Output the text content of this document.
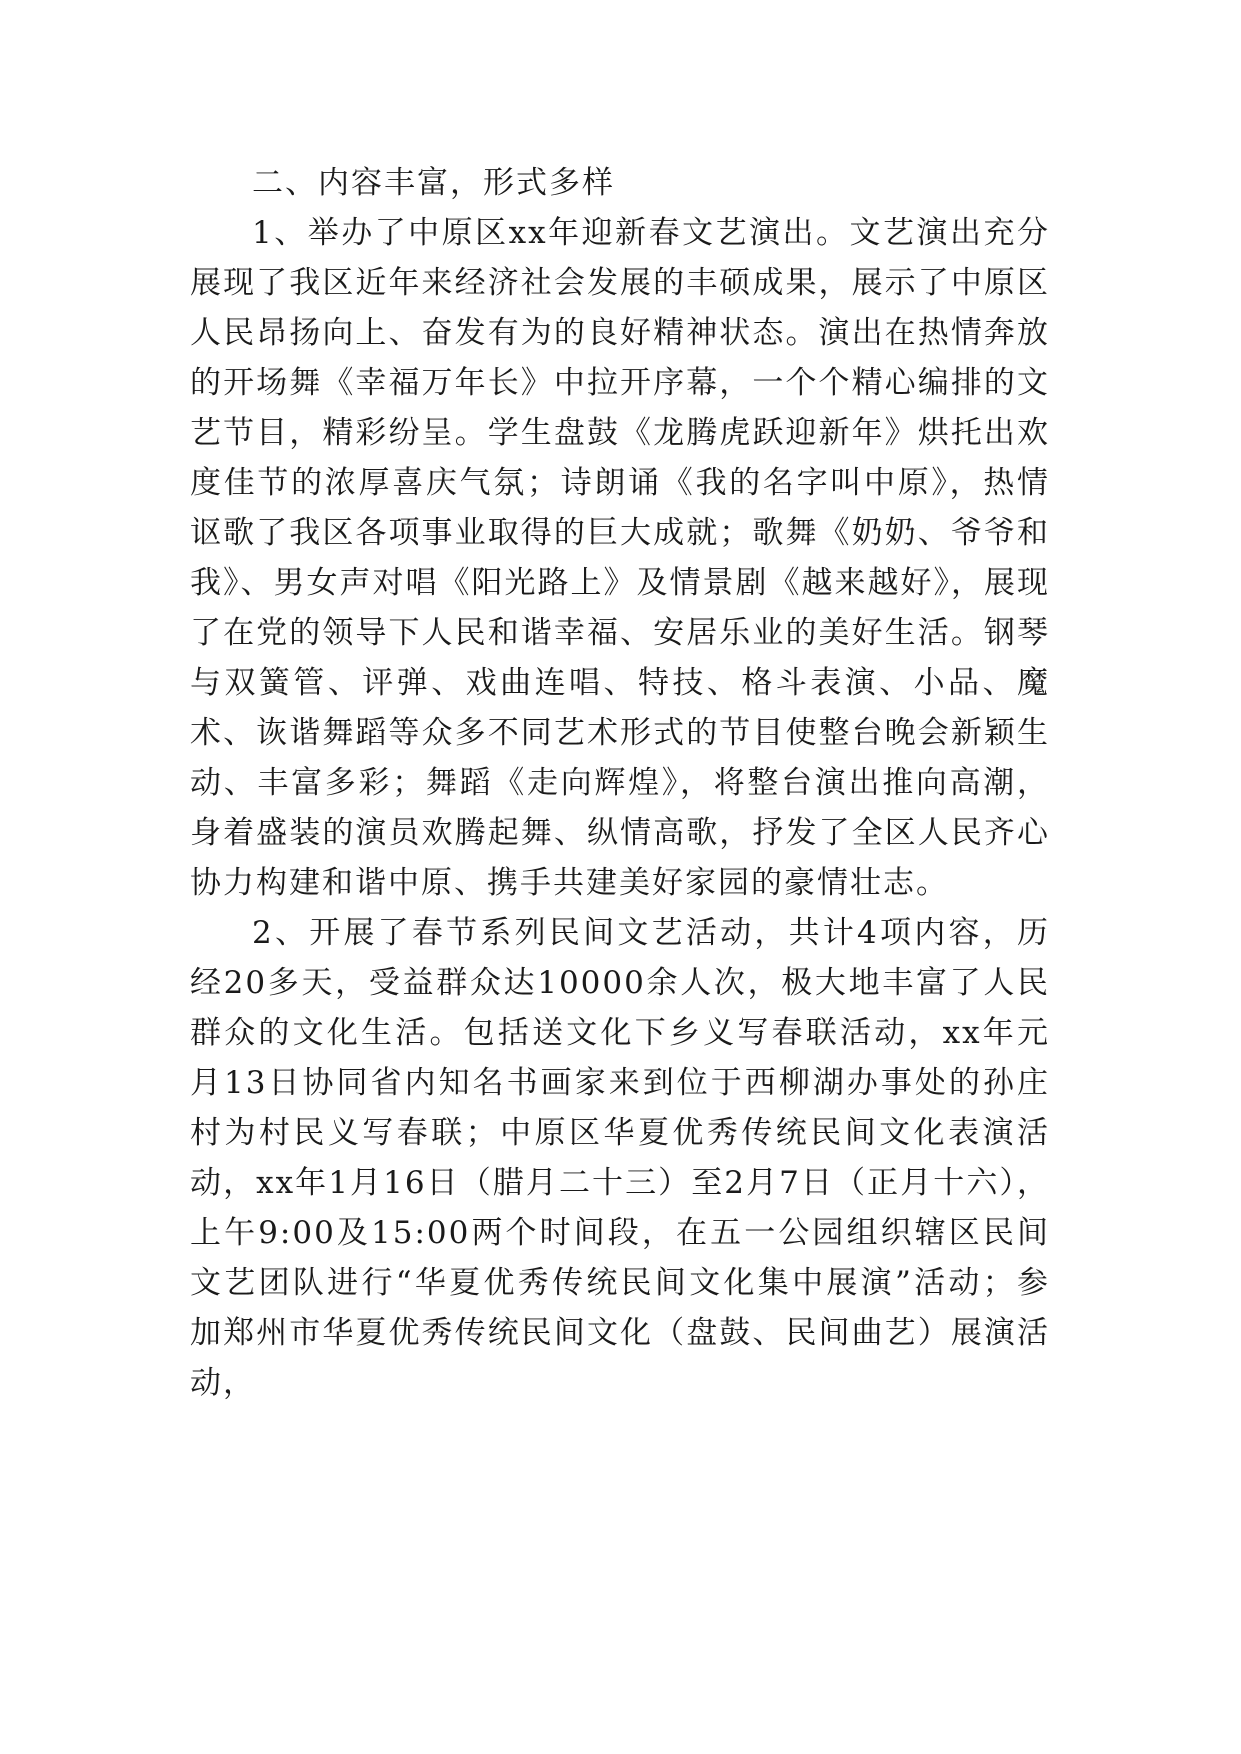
二、内容丰富，形式多样

1、举办了中原区xx年迎新春文艺演出。文艺演出充分展现了我区近年来经济社会发展的丰硕成果，展示了中原区人民昂扬向上、奋发有为的良好精神状态。演出在热情奔放的开场舞《幸福万年长》中拉开序幕，一个个精心编排的文艺节目，精彩纷呈。学生盘鼓《龙腾虎跃迎新年》烘托出欢度佳节的浓厚喜庆气氛；诗朗诵《我的名字叫中原》，热情讴歌了我区各项事业取得的巨大成就；歌舞《奶奶、爷爷和我》、男女声对唱《阳光路上》及情景剧《越来越好》，展现了在党的领导下人民和谐幸福、安居乐业的美好生活。钢琴与双簧管、评弹、戏曲连唱、特技、格斗表演、小品、魔术、诙谐舞蹈等众多不同艺术形式的节目使整台晚会新颖生动、丰富多彩；舞蹈《走向辉煌》，将整台演出推向高潮，身着盛装的演员欢腾起舞、纵情高歌，抒发了全区人民齐心协力构建和谐中原、携手共建美好家园的豪情壮志。

2、开展了春节系列民间文艺活动，共计4项内容，历经20多天，受益群众达10000余人次，极大地丰富了人民群众的文化生活。包括送文化下乡义写春联活动，xx年元月13日协同省内知名书画家来到位于西柳湖办事处的孙庄村为村民义写春联；中原区华夏优秀传统民间文化表演活动，xx年1月16日（腊月二十三）至2月7日（正月十六），上午9:00及15:00两个时间段，在五一公园组织辖区民间文艺团队进行“华夏优秀传统民间文化集中展演”活动；参加郑州市华夏优秀传统民间文化（盘鼓、民间曲艺）展演活动，
